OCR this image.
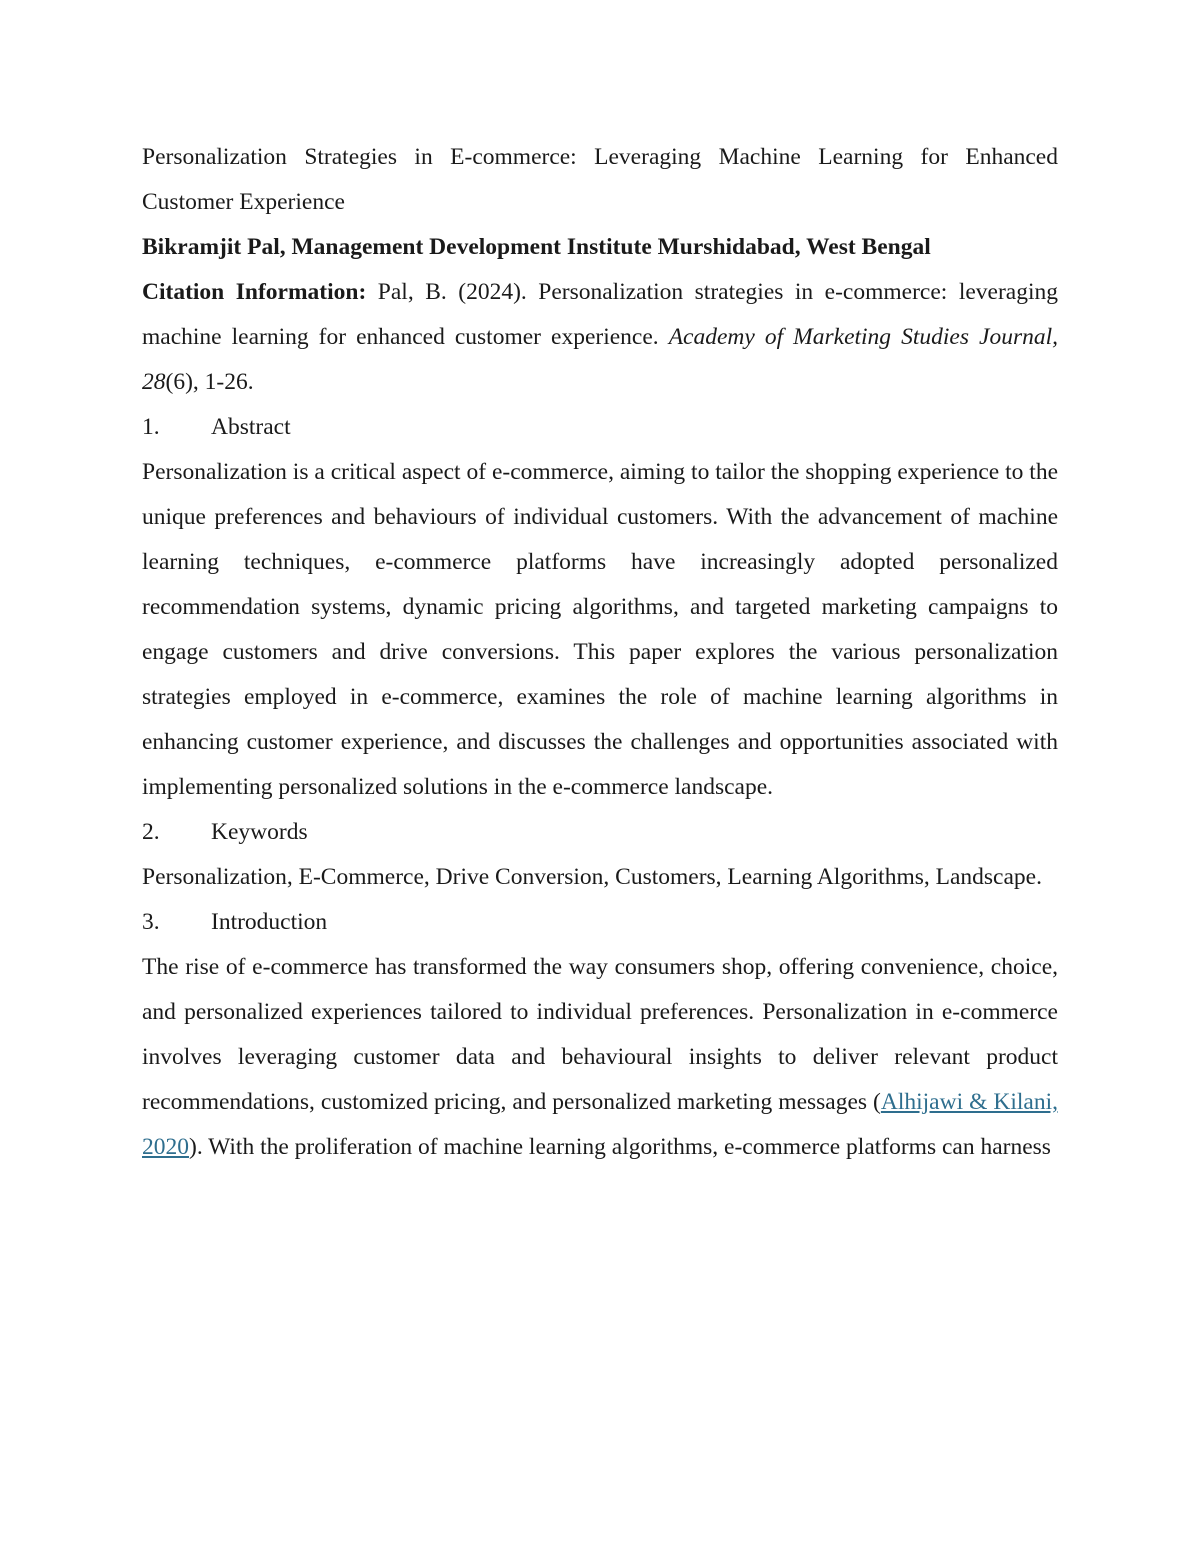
Personalization Strategies in E-commerce: Leveraging Machine Learning for Enhanced Customer Experience

Bikramjit Pal, Management Development Institute Murshidabad, West Bengal

Citation Information: Pal, B. (2024). Personalization strategies in e-commerce: leveraging machine learning for enhanced customer experience. Academy of Marketing Studies Journal, 28(6), 1-26.

1. Abstract

Personalization is a critical aspect of e-commerce, aiming to tailor the shopping experience to the unique preferences and behaviours of individual customers. With the advancement of machine learning techniques, e-commerce platforms have increasingly adopted personalized recommendation systems, dynamic pricing algorithms, and targeted marketing campaigns to engage customers and drive conversions. This paper explores the various personalization strategies employed in e-commerce, examines the role of machine learning algorithms in enhancing customer experience, and discusses the challenges and opportunities associated with implementing personalized solutions in the e-commerce landscape.

2. Keywords

Personalization, E-Commerce, Drive Conversion, Customers, Learning Algorithms, Landscape.

3. Introduction

The rise of e-commerce has transformed the way consumers shop, offering convenience, choice, and personalized experiences tailored to individual preferences. Personalization in e-commerce involves leveraging customer data and behavioural insights to deliver relevant product recommendations, customized pricing, and personalized marketing messages (Alhijawi & Kilani, 2020). With the proliferation of machine learning algorithms, e-commerce platforms can harness
